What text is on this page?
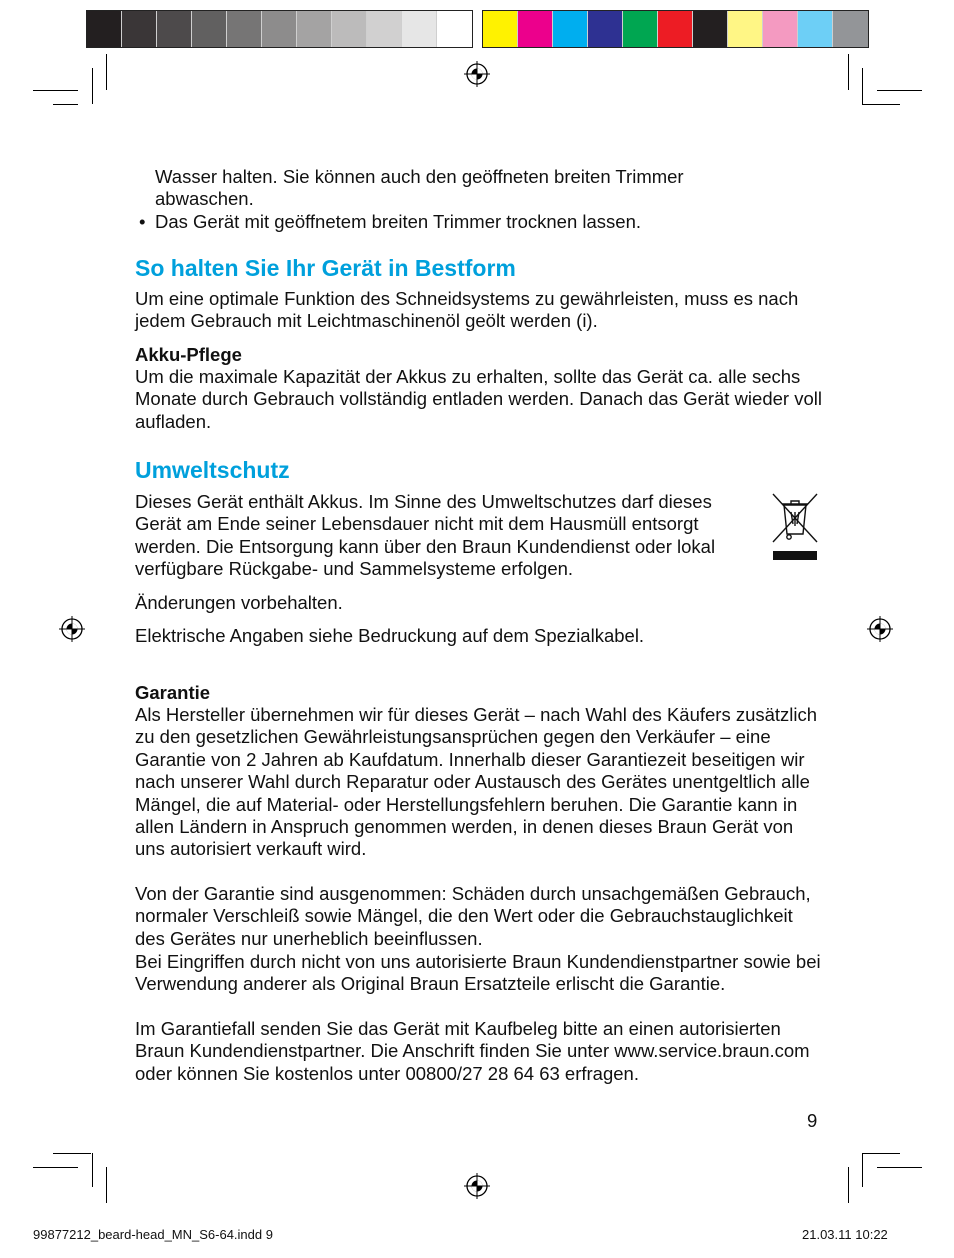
Wasser halten. Sie können auch den geöffneten breiten Trimmer
abwaschen.
• Das Gerät mit geöffnetem breiten Trimmer trocknen lassen.
So halten Sie Ihr Gerät in Bestform
Um eine optimale Funktion des Schneidsystems zu gewährleisten, muss es nach jedem Gebrauch mit Leichtmaschinenöl geölt werden (i).
Akku-Pflege
Um die maximale Kapazität der Akkus zu erhalten, sollte das Gerät ca. alle sechs Monate durch Gebrauch vollständig entladen werden. Danach das Gerät wieder voll aufladen.
Umweltschutz
Dieses Gerät enthält Akkus. Im Sinne des Umweltschutzes darf dieses Gerät am Ende seiner Lebensdauer nicht mit dem Hausmüll entsorgt werden. Die Entsorgung kann über den Braun Kundendienst oder lokal verfügbare Rückgabe- und Sammelsysteme erfolgen.
Änderungen vorbehalten.
Elektrische Angaben siehe Bedruckung auf dem Spezialkabel.
Garantie
Als Hersteller übernehmen wir für dieses Gerät – nach Wahl des Käufers zusätzlich zu den gesetzlichen Gewährleistungsansprüchen gegen den Verkäufer – eine Garantie von 2 Jahren ab Kaufdatum. Innerhalb dieser Garantiezeit beseitigen wir nach unserer Wahl durch Reparatur oder Austausch des Gerätes unentgeltlich alle Mängel, die auf Material- oder Herstellungsfehlern beruhen. Die Garantie kann in allen Ländern in Anspruch genommen werden, in denen dieses Braun Gerät von uns autorisiert verkauft wird.
Von der Garantie sind ausgenommen: Schäden durch unsachgemäßen Gebrauch, normaler Verschleiß sowie Mängel, die den Wert oder die Gebrauchstauglichkeit des Gerätes nur unerheblich beeinflussen.
Bei Eingriffen durch nicht von uns autorisierte Braun Kundendienstpartner sowie bei Verwendung anderer als Original Braun Ersatzteile erlischt die Garantie.
Im Garantiefall senden Sie das Gerät mit Kaufbeleg bitte an einen autorisierten Braun Kundendienstpartner. Die Anschrift finden Sie unter www.service.braun.com oder können Sie kostenlos unter 00800/27 28 64 63 erfragen.
9
99877212_beard-head_MN_S6-64.indd 9	21.03.11 10:22
